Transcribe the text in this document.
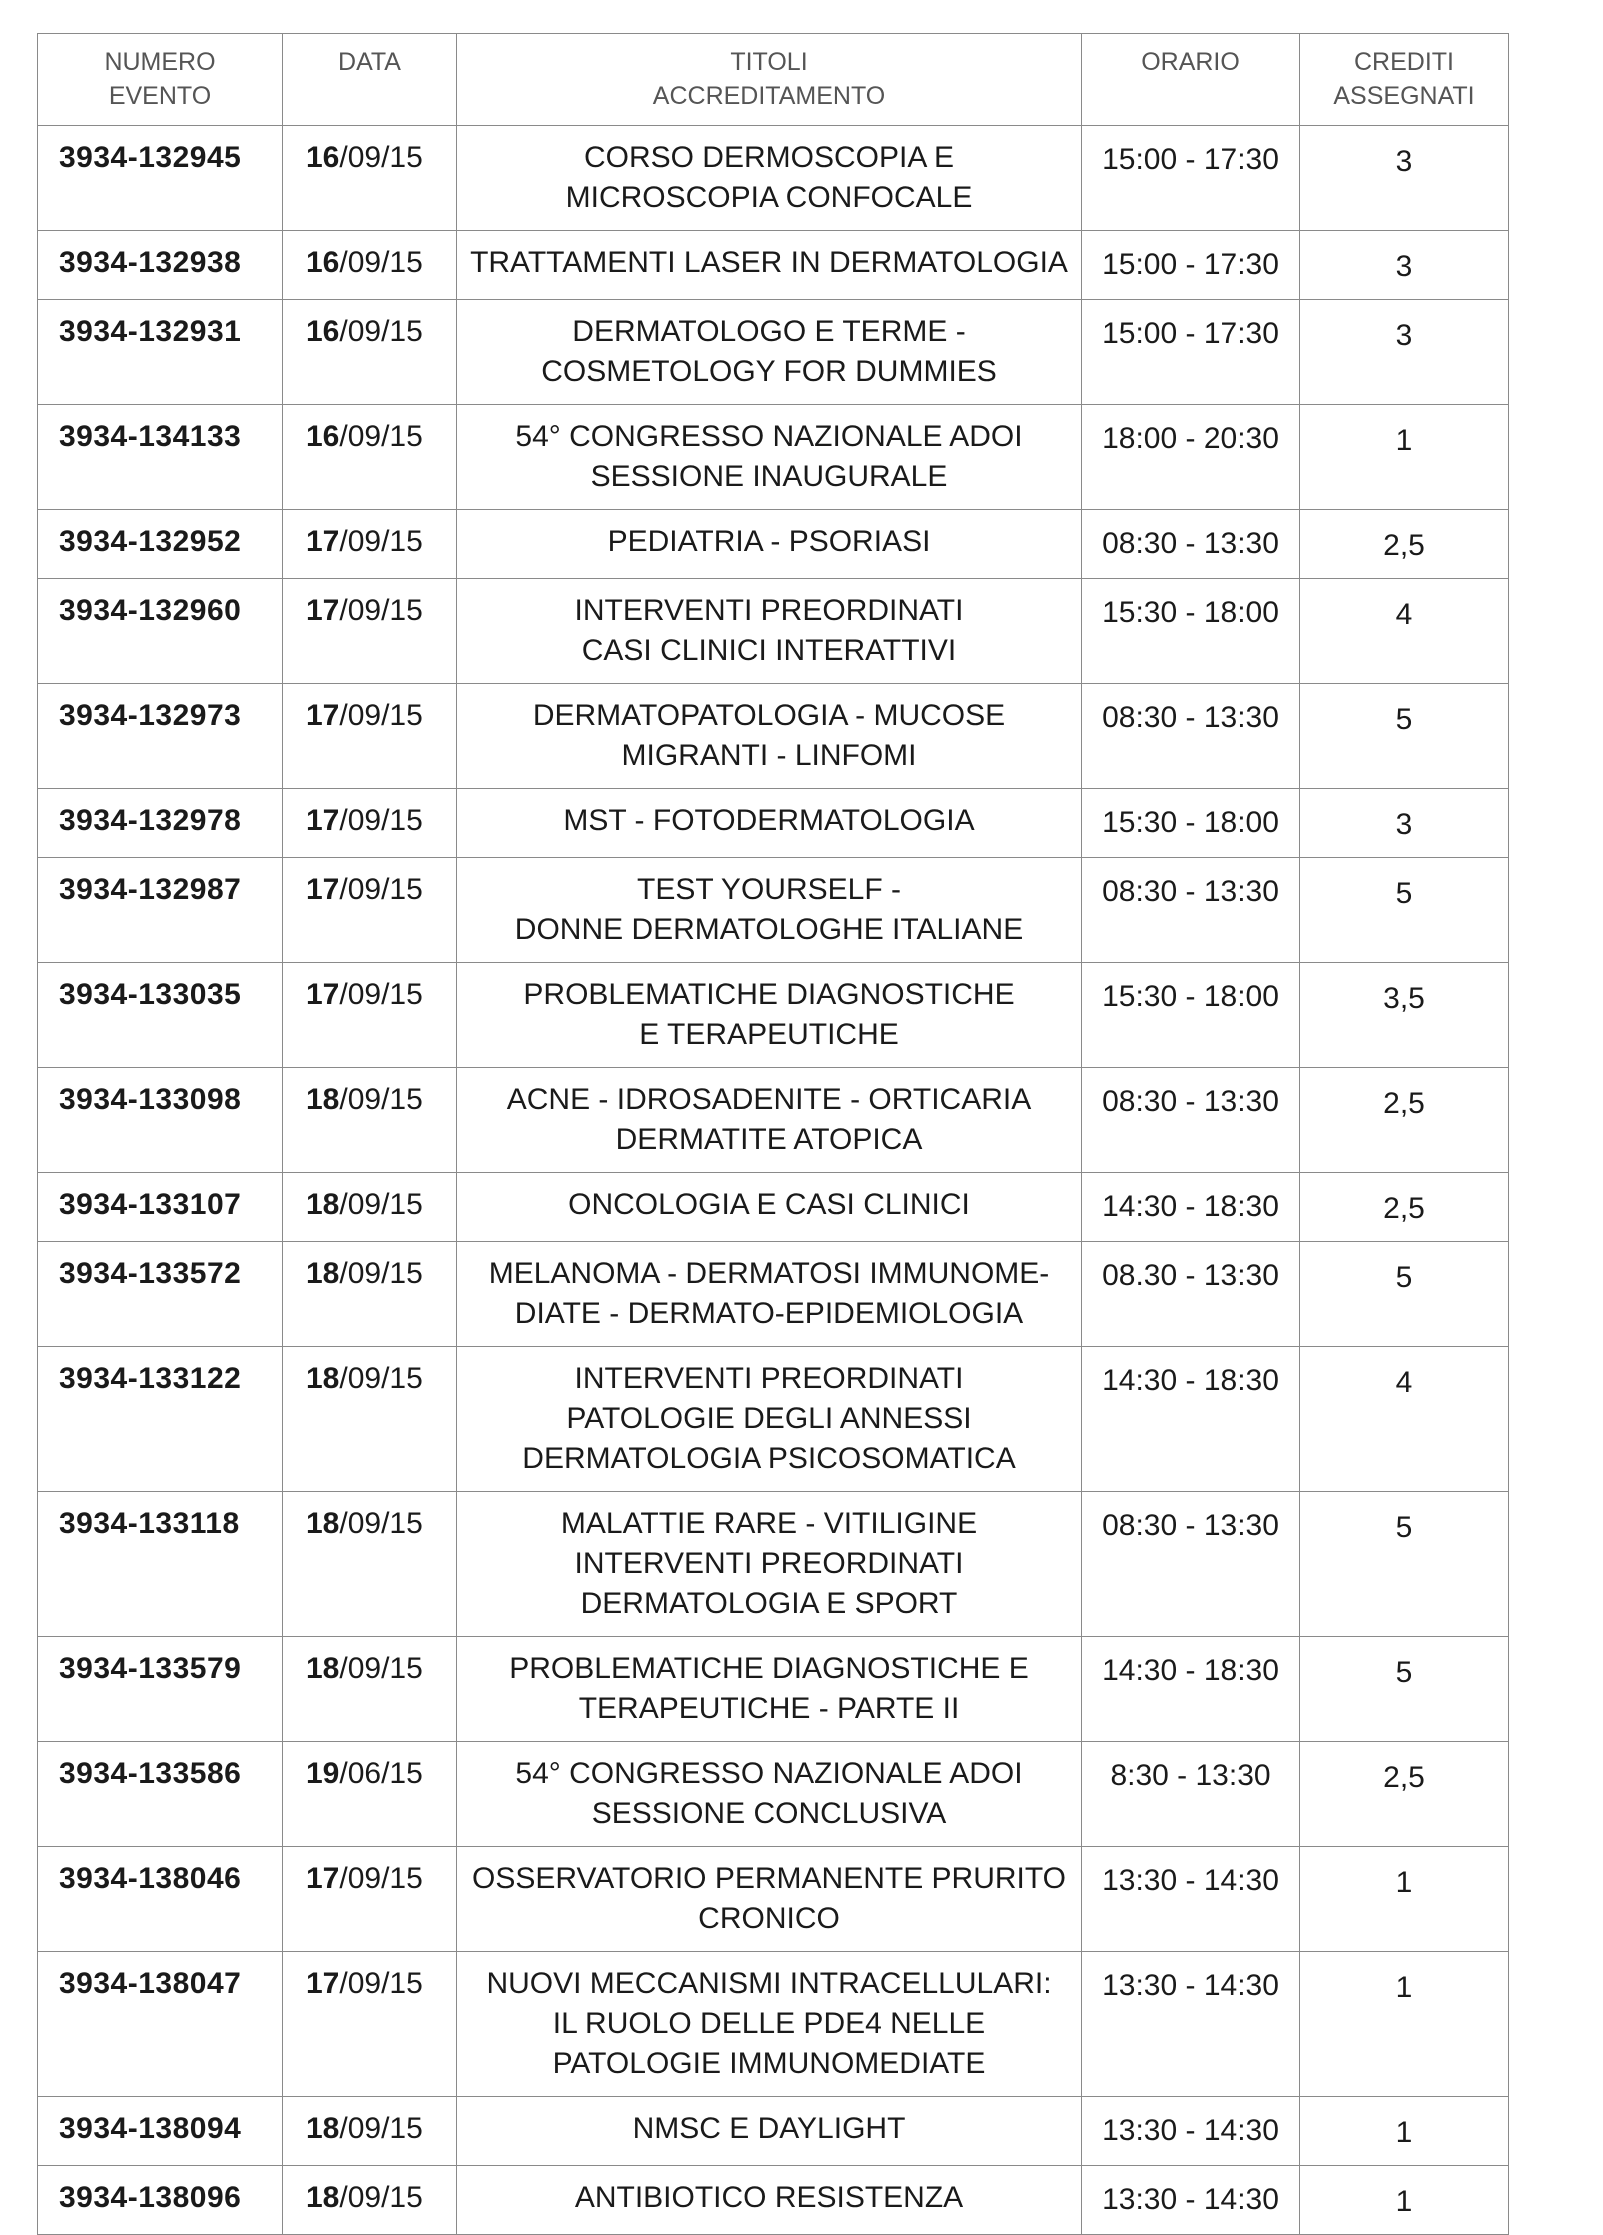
NUMERO
EVENTO	DATA	TITOLI
ACCREDITAMENTO	ORARIO	CREDITI
ASSEGNATI

3934-132945	16/09/15	CORSO DERMOSCOPIA E
MICROSCOPIA CONFOCALE	15:00 - 17:30	3
3934-132938	16/09/15	TRATTAMENTI LASER IN DERMATOLOGIA	15:00 - 17:30	3
3934-132931	16/09/15	DERMATOLOGO E TERME -
COSMETOLOGY FOR DUMMIES	15:00 - 17:30	3
3934-134133	16/09/15	54° CONGRESSO NAZIONALE ADOI
SESSIONE INAUGURALE	18:00 - 20:30	1
3934-132952	17/09/15	PEDIATRIA - PSORIASI	08:30 - 13:30	2,5
3934-132960	17/09/15	INTERVENTI PREORDINATI
CASI CLINICI INTERATTIVI	15:30 - 18:00	4
3934-132973	17/09/15	DERMATOPATOLOGIA - MUCOSE
MIGRANTI - LINFOMI	08:30 - 13:30	5
3934-132978	17/09/15	MST - FOTODERMATOLOGIA	15:30 - 18:00	3
3934-132987	17/09/15	TEST YOURSELF -
DONNE DERMATOLOGHE ITALIANE	08:30 - 13:30	5
3934-133035	17/09/15	PROBLEMATICHE DIAGNOSTICHE
E TERAPEUTICHE	15:30 - 18:00	3,5
3934-133098	18/09/15	ACNE - IDROSADENITE - ORTICARIA
DERMATITE ATOPICA	08:30 - 13:30	2,5
3934-133107	18/09/15	ONCOLOGIA E CASI CLINICI	14:30 - 18:30	2,5
3934-133572	18/09/15	MELANOMA - DERMATOSI IMMUNOME-
DIATE - DERMATO-EPIDEMIOLOGIA	08.30 - 13:30	5
3934-133122	18/09/15	INTERVENTI PREORDINATI
PATOLOGIE DEGLI ANNESSI
DERMATOLOGIA PSICOSOMATICA	14:30 - 18:30	4
3934-133118	18/09/15	MALATTIE RARE - VITILIGINE
INTERVENTI PREORDINATI
DERMATOLOGIA E SPORT	08:30 - 13:30	5
3934-133579	18/09/15	PROBLEMATICHE DIAGNOSTICHE E
TERAPEUTICHE - PARTE II	14:30 - 18:30	5
3934-133586	19/06/15	54° CONGRESSO NAZIONALE ADOI
SESSIONE CONCLUSIVA	8:30 - 13:30	2,5
3934-138046	17/09/15	OSSERVATORIO PERMANENTE PRURITO
CRONICO	13:30 - 14:30	1
3934-138047	17/09/15	NUOVI MECCANISMI INTRACELLULARI:
IL RUOLO DELLE PDE4 NELLE
PATOLOGIE IMMUNOMEDIATE	13:30 - 14:30	1
3934-138094	18/09/15	NMSC E DAYLIGHT	13:30 - 14:30	1
3934-138096	18/09/15	ANTIBIOTICO RESISTENZA	13:30 - 14:30	1
